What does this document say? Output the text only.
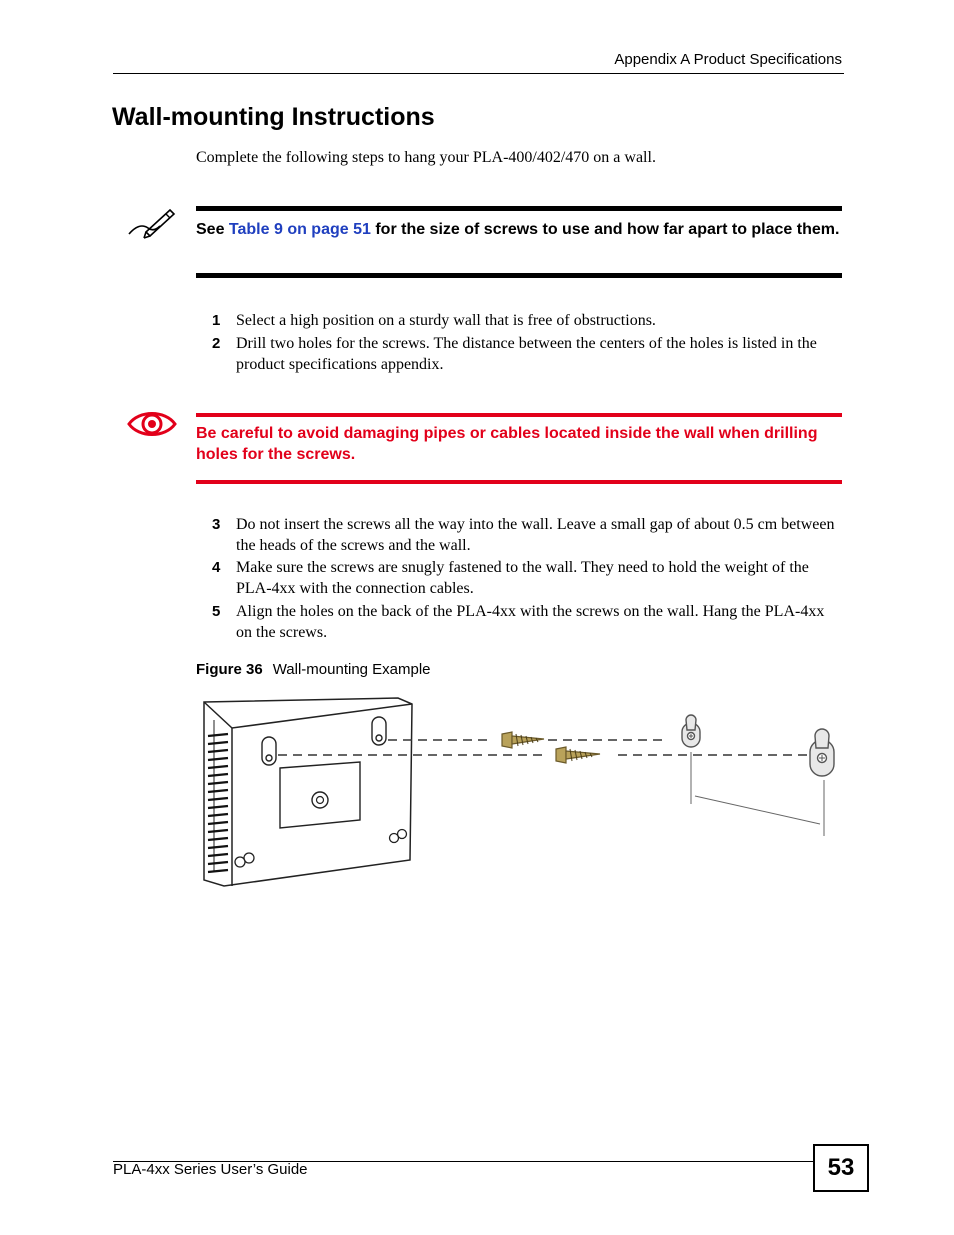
Appendix A Product Specifications
Wall-mounting Instructions
Complete the following steps to hang your PLA-400/402/470 on a wall.
See Table 9 on page 51 for the size of screws to use and how far apart to place them.
1 Select a high position on a sturdy wall that is free of obstructions.
2 Drill two holes for the screws. The distance between the centers of the holes is listed in the product specifications appendix.
Be careful to avoid damaging pipes or cables located inside the wall when drilling holes for the screws.
3 Do not insert the screws all the way into the wall. Leave a small gap of about 0.5 cm between the heads of the screws and the wall.
4 Make sure the screws are snugly fastened to the wall. They need to hold the weight of the PLA-4xx with the connection cables.
5 Align the holes on the back of the PLA-4xx with the screws on the wall. Hang the PLA-4xx on the screws.
Figure 36 Wall-mounting Example
PLA-4xx Series User’s Guide	53
